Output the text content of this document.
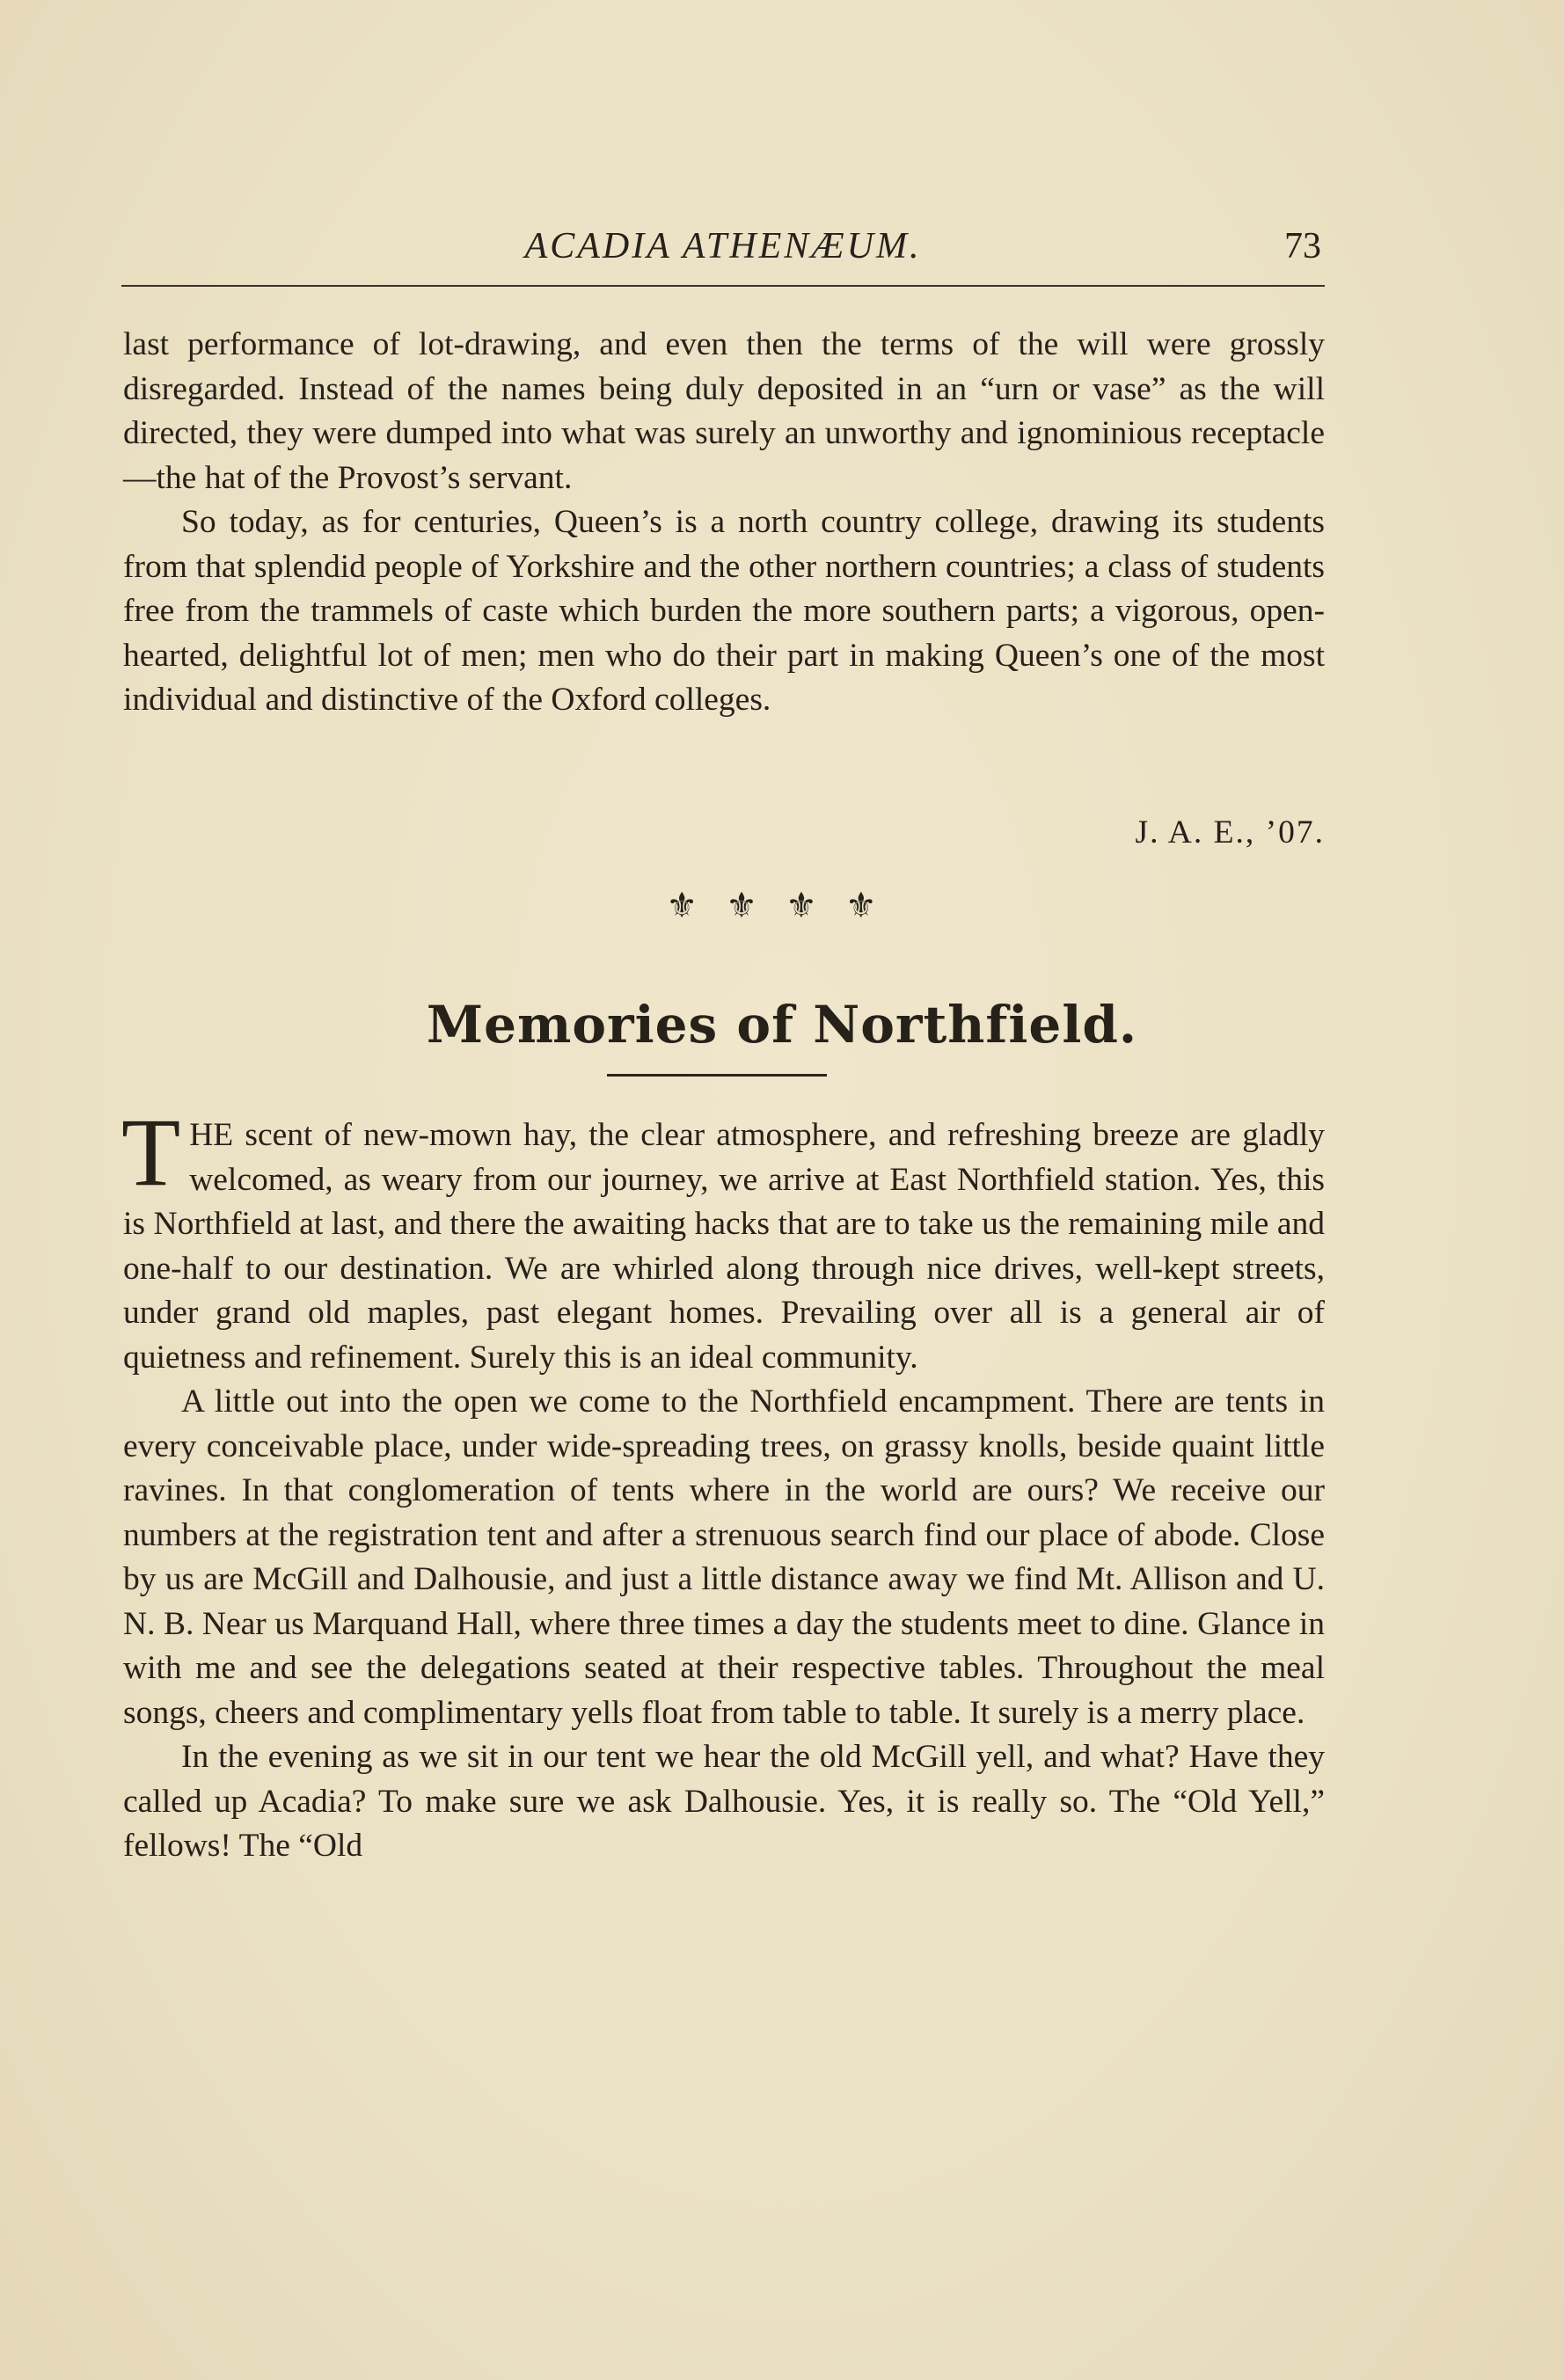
ACADIA ATHENÆUM.	73

last performance of lot-drawing, and even then the terms of the will were grossly disregarded. Instead of the names being duly deposited in an “urn or vase” as the will directed, they were dumped into what was surely an unworthy and ignominious receptacle—the hat of the Provost’s servant.

So today, as for centuries, Queen’s is a north country college, drawing its students from that splendid people of Yorkshire and the other northern countries; a class of students free from the trammels of caste which burden the more southern parts; a vigorous, open-hearted, delightful lot of men; men who do their part in making Queen’s one of the most individual and distinctive of the Oxford colleges.

J. A. E., ’07.
⚜ ⚜ ⚜ ⚜
Memories of Northfield.

THE scent of new-mown hay, the clear atmosphere, and refreshing breeze are gladly welcomed, as weary from our journey, we arrive at East Northfield station. Yes, this is Northfield at last, and there the awaiting hacks that are to take us the remaining mile and one-half to our destination. We are whirled along through nice drives, well-kept streets, under grand old maples, past elegant homes. Prevailing over all is a general air of quietness and refinement. Surely this is an ideal community.

A little out into the open we come to the Northfield encampment. There are tents in every conceivable place, under wide-spreading trees, on grassy knolls, beside quaint little ravines. In that conglomeration of tents where in the world are ours? We receive our numbers at the registration tent and after a strenuous search find our place of abode. Close by us are McGill and Dalhousie, and just a little distance away we find Mt. Allison and U. N. B. Near us Marquand Hall, where three times a day the students meet to dine. Glance in with me and see the delegations seated at their respective tables. Throughout the meal songs, cheers and complimentary yells float from table to table. It surely is a merry place.

In the evening as we sit in our tent we hear the old McGill yell, and what? Have they called up Acadia? To make sure we ask Dalhousie. Yes, it is really so. The “Old Yell,” fellows! The “Old
